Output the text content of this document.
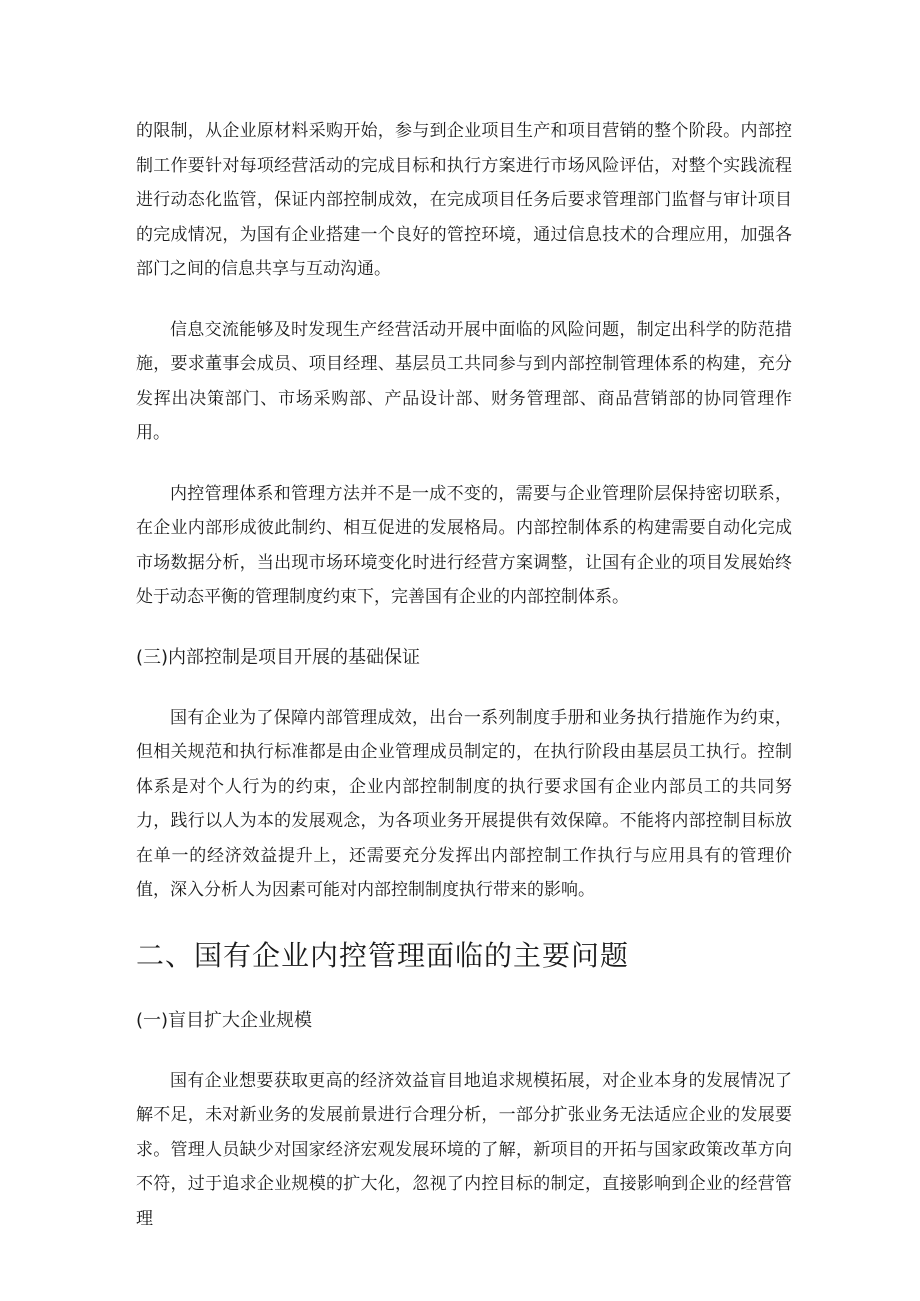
的限制，从企业原材料采购开始，参与到企业项目生产和项目营销的整个阶段。内部控制工作要针对每项经营活动的完成目标和执行方案进行市场风险评估，对整个实践流程进行动态化监管，保证内部控制成效，在完成项目任务后要求管理部门监督与审计项目的完成情况，为国有企业搭建一个良好的管控环境，通过信息技术的合理应用，加强各部门之间的信息共享与互动沟通。

信息交流能够及时发现生产经营活动开展中面临的风险问题，制定出科学的防范措施，要求董事会成员、项目经理、基层员工共同参与到内部控制管理体系的构建，充分发挥出决策部门、市场采购部、产品设计部、财务管理部、商品营销部的协同管理作用。

内控管理体系和管理方法并不是一成不变的，需要与企业管理阶层保持密切联系，在企业内部形成彼此制约、相互促进的发展格局。内部控制体系的构建需要自动化完成市场数据分析，当出现市场环境变化时进行经营方案调整，让国有企业的项目发展始终处于动态平衡的管理制度约束下，完善国有企业的内部控制体系。

(三)内部控制是项目开展的基础保证

国有企业为了保障内部管理成效，出台一系列制度手册和业务执行措施作为约束，但相关规范和执行标准都是由企业管理成员制定的，在执行阶段由基层员工执行。控制体系是对个人行为的约束，企业内部控制制度的执行要求国有企业内部员工的共同努力，践行以人为本的发展观念，为各项业务开展提供有效保障。不能将内部控制目标放在单一的经济效益提升上，还需要充分发挥出内部控制工作执行与应用具有的管理价值，深入分析人为因素可能对内部控制制度执行带来的影响。

二、国有企业内控管理面临的主要问题
(一)盲目扩大企业规模

国有企业想要获取更高的经济效益盲目地追求规模拓展，对企业本身的发展情况了解不足，未对新业务的发展前景进行合理分析，一部分扩张业务无法适应企业的发展要求。管理人员缺少对国家经济宏观发展环境的了解，新项目的开拓与国家政策改革方向不符，过于追求企业规模的扩大化，忽视了内控目标的制定，直接影响到企业的经营管理
